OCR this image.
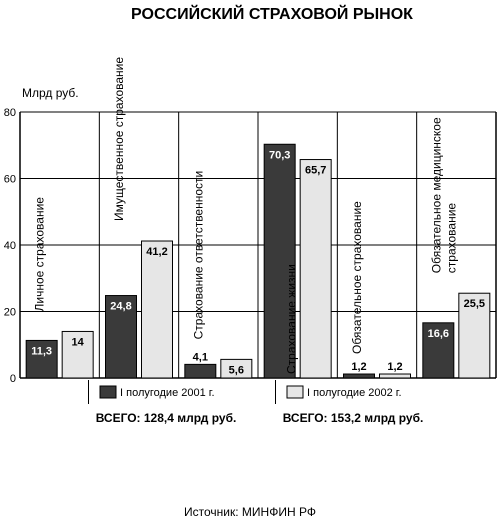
РОССИЙСКИЙ СТРАХОВОЙ РЫНОК
Млрд руб.
0
20
40
60
80
11,3
14
Личное страхование	24,8
41,2
Имущественное страхование
4,1
5,6
Страхование ответственности
70,3
65,7
Страхование жизни	1,2 1,2
Обязательное страхование	16,6
25,5
Обязательное медицинское страхование
I полугодие 2001 г.
ВСЕГО: 128,4 млрд руб.
I полугодие 2002 г.
ВСЕГО: 153,2 млрд руб.
Источник: МИНФИН РФ
